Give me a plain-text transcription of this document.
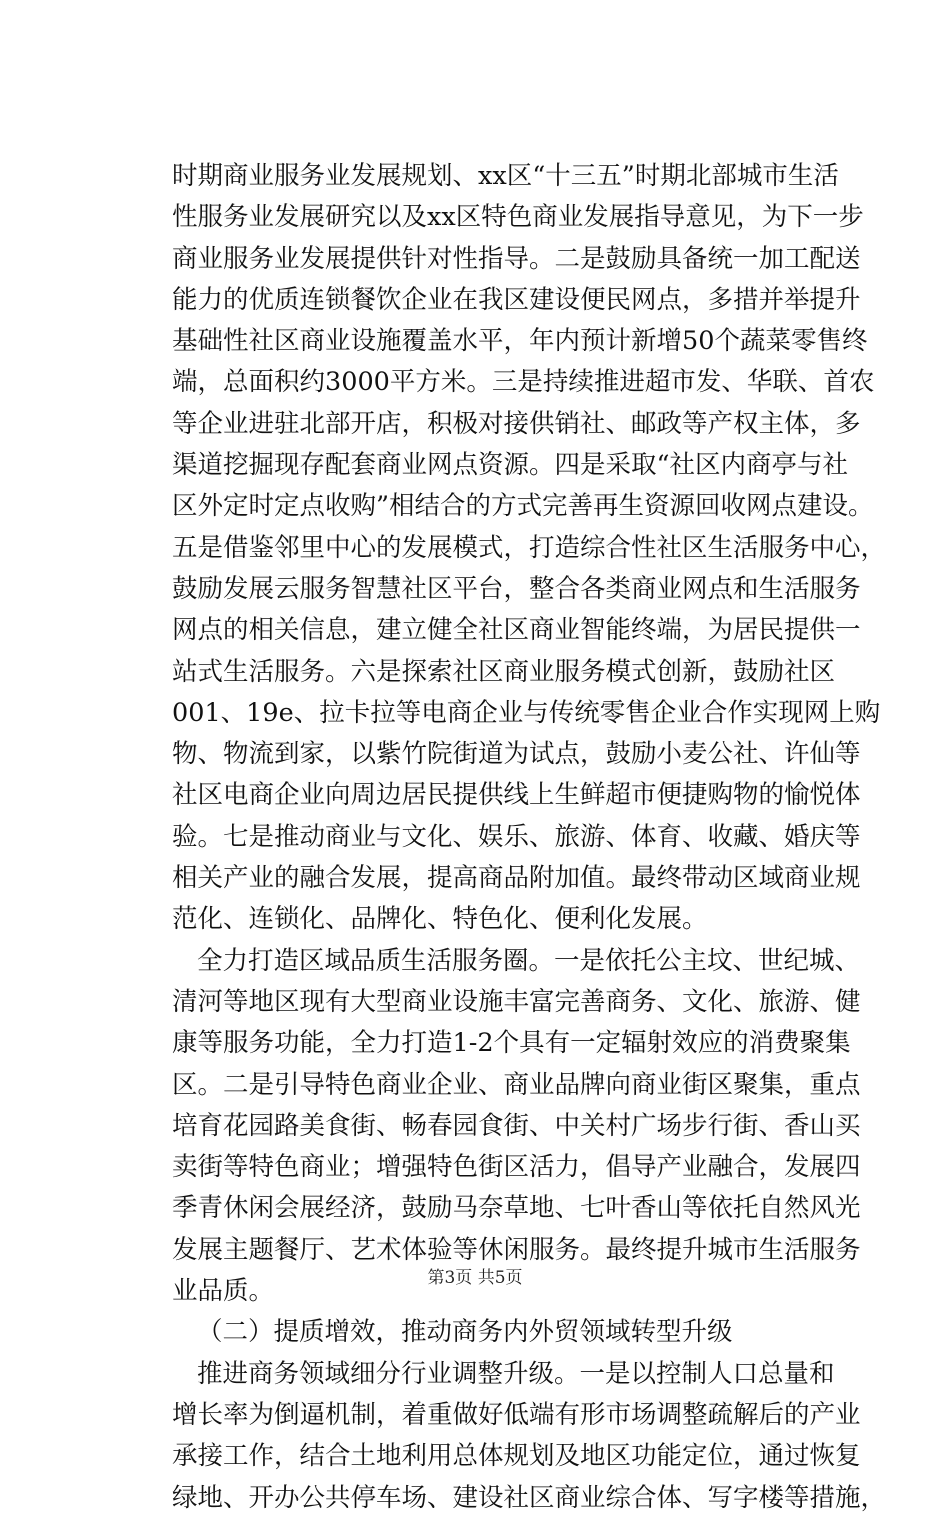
时期商业服务业发展规划、xx区“十三五”时期北部城市生活
性服务业发展研究以及xx区特色商业发展指导意见，为下一步
商业服务业发展提供针对性指导。二是鼓励具备统一加工配送
能力的优质连锁餐饮企业在我区建设便民网点，多措并举提升
基础性社区商业设施覆盖水平，年内预计新增50个蔬菜零售终
端，总面积约3000平方米。三是持续推进超市发、华联、首农
等企业进驻北部开店，积极对接供销社、邮政等产权主体，多
渠道挖掘现存配套商业网点资源。四是采取“社区内商亭与社
区外定时定点收购”相结合的方式完善再生资源回收网点建设。
五是借鉴邻里中心的发展模式，打造综合性社区生活服务中心，
鼓励发展云服务智慧社区平台，整合各类商业网点和生活服务
网点的相关信息，建立健全社区商业智能终端，为居民提供一
站式生活服务。六是探索社区商业服务模式创新，鼓励社区
001、19e、拉卡拉等电商企业与传统零售企业合作实现网上购
物、物流到家，以紫竹院街道为试点，鼓励小麦公社、许仙等
社区电商企业向周边居民提供线上生鲜超市便捷购物的愉悦体
验。七是推动商业与文化、娱乐、旅游、体育、收藏、婚庆等
相关产业的融合发展，提高商品附加值。最终带动区域商业规
范化、连锁化、品牌化、特色化、便利化发展。
全力打造区域品质生活服务圈。一是依托公主坟、世纪城、
清河等地区现有大型商业设施丰富完善商务、文化、旅游、健
康等服务功能，全力打造1-2个具有一定辐射效应的消费聚集
区。二是引导特色商业企业、商业品牌向商业街区聚集，重点
培育花园路美食街、畅春园食街、中关村广场步行街、香山买
卖街等特色商业；增强特色街区活力，倡导产业融合，发展四
季青休闲会展经济，鼓励马奈草地、七叶香山等依托自然风光
发展主题餐厅、艺术体验等休闲服务。最终提升城市生活服务
业品质。
（二）提质增效，推动商务内外贸领域转型升级
推进商务领域细分行业调整升级。一是以控制人口总量和
增长率为倒逼机制，着重做好低端有形市场调整疏解后的产业
承接工作，结合土地利用总体规划及地区功能定位，通过恢复
绿地、开办公共停车场、建设社区商业综合体、写字楼等措施，
第3页 共5页
